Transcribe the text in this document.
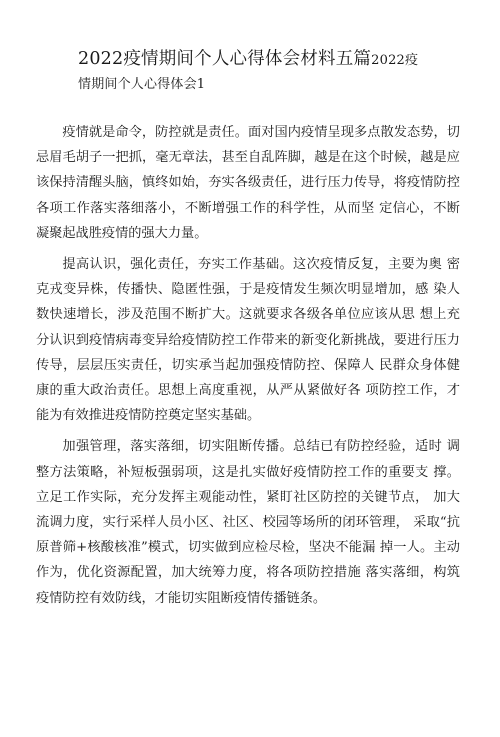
2022疫情期间个人心得体会材料五篇2022疫
情期间个人心得体会1

疫情就是命令，防控就是责任。面对国内疫情呈现多点散发态势，切忌眉毛胡子一把抓，毫无章法，甚至自乱阵脚，越是在这个时候，越是应该保持清醒头脑，慎终如始，夯实各级责任，进行压力传导，将疫情防控各项工作落实落细落小，不断增强工作的科学性，从而坚 定信心，不断凝聚起战胜疫情的强大力量。

提高认识，强化责任，夯实工作基础。这次疫情反复，主要为奥 密克戎变异株，传播快、隐匿性强，于是疫情发生频次明显增加，感 染人数快速增长，涉及范围不断扩大。这就要求各级各单位应该从思 想上充分认识到疫情病毒变异给疫情防控工作带来的新变化新挑战，要进行压力传导，层层压实责任，切实承当起加强疫情防控、保障人 民群众身体健康的重大政治责任。思想上高度重视，从严从紧做好各 项防控工作，才能为有效推进疫情防控奠定坚实基础。

加强管理，落实落细，切实阻断传播。总结已有防控经验，适时 调整方法策略，补短板强弱项，这是扎实做好疫情防控工作的重要支 撑。立足工作实际，充分发挥主观能动性，紧盯社区防控的关键节点， 加大流调力度，实行采样人员小区、社区、校园等场所的闭环管理， 采取“抗原普筛+核酸核准”模式，切实做到应检尽检，坚决不能漏 掉一人。主动作为，优化资源配置，加大统筹力度，将各项防控措施 落实落细，构筑疫情防控有效防线，才能切实阻断疫情传播链条。
